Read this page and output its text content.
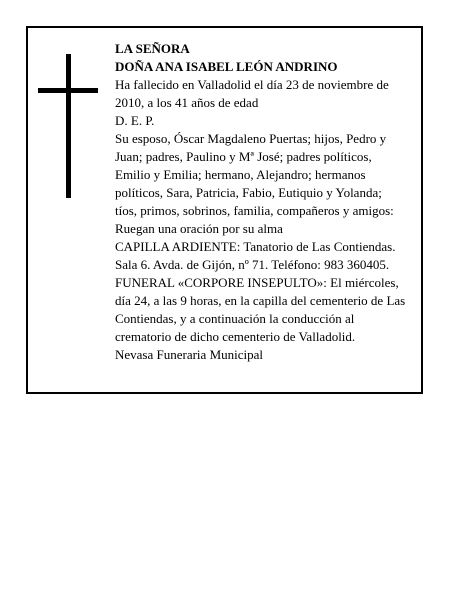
LA SEÑORA
DOÑA ANA ISABEL LEÓN ANDRINO
Ha fallecido en Valladolid el día 23 de noviembre de
2010, a los 41 años de edad
D. E. P.
Su esposo, Óscar Magdaleno Puertas; hijos, Pedro y
Juan; padres, Paulino y Mª José; padres políticos,
Emilio y Emilia; hermano, Alejandro; hermanos
políticos, Sara, Patricia, Fabio, Eutiquio y Yolanda;
tíos, primos, sobrinos, familia, compañeros y amigos:
Ruegan una oración por su alma
CAPILLA ARDIENTE: Tanatorio de Las Contiendas.
Sala 6. Avda. de Gijón, nº 71. Teléfono: 983 360405.
FUNERAL «CORPORE INSEPULTO»: El miércoles,
día 24, a las 9 horas, en la capilla del cementerio de Las
Contiendas, y a continuación la conducción al
crematorio de dicho cementerio de Valladolid.
Nevasa Funeraria Municipal
